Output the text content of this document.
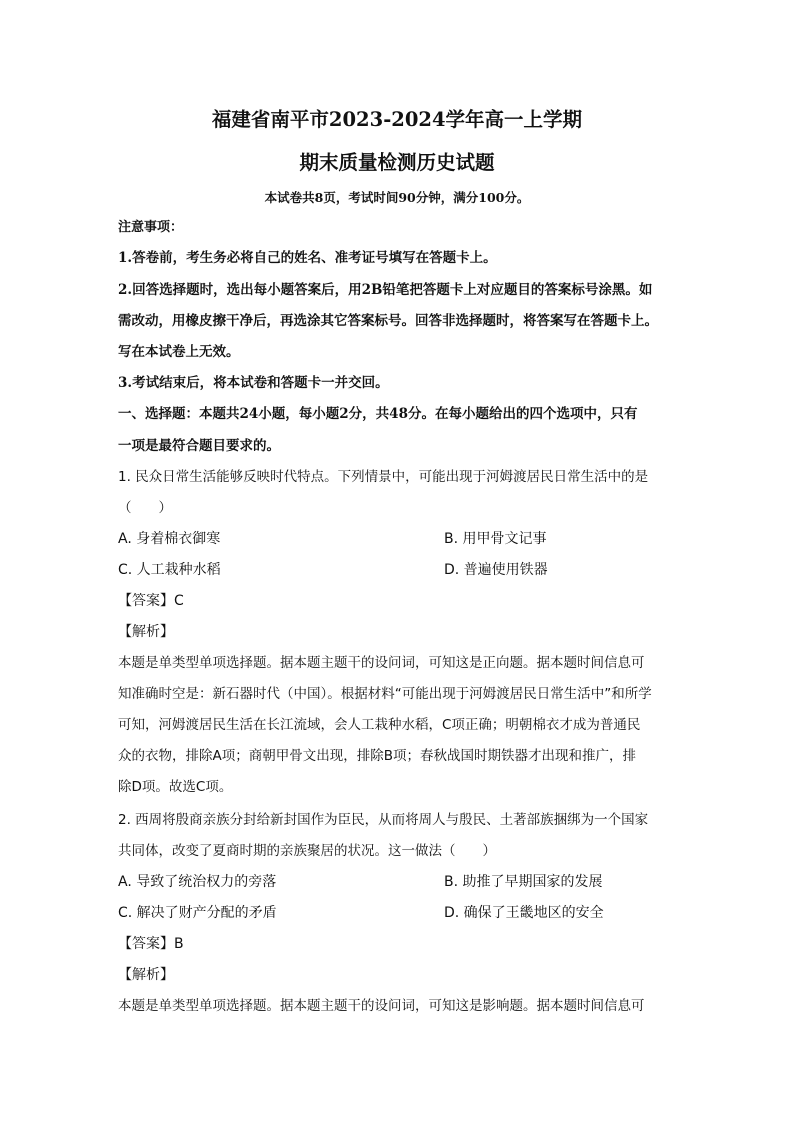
福建省南平市2023-2024学年高一上学期
期末质量检测历史试题
本试卷共8页，考试时间90分钟，满分100分。
注意事项：
1.答卷前，考生务必将自己的姓名、准考证号填写在答题卡上。
2.回答选择题时，选出每小题答案后，用2B铅笔把答题卡上对应题目的答案标号涂黑。如
需改动，用橡皮擦干净后，再选涂其它答案标号。回答非选择题时，将答案写在答题卡上。
写在本试卷上无效。
3.考试结束后，将本试卷和答题卡一并交回。
一、选择题：本题共24小题，每小题2分，共48分。在每小题给出的四个选项中，只有
一项是最符合题目要求的。
1. 民众日常生活能够反映时代特点。下列情景中，可能出现于河姆渡居民日常生活中的是
（　　）
A. 身着棉衣御寒	B. 用甲骨文记事
C. 人工栽种水稻	D. 普遍使用铁器
【答案】C
【解析】
本题是单类型单项选择题。据本题主题干的设问词，可知这是正向题。据本题时间信息可
知准确时空是：新石器时代（中国）。根据材料“可能出现于河姆渡居民日常生活中”和所学
可知，河姆渡居民生活在长江流域，会人工栽种水稻，C项正确；明朝棉衣才成为普通民
众的衣物，排除A项；商朝甲骨文出现，排除B项；春秋战国时期铁器才出现和推广，排
除D项。故选C项。
2. 西周将殷商亲族分封给新封国作为臣民，从而将周人与殷民、土著部族捆绑为一个国家
共同体，改变了夏商时期的亲族聚居的状况。这一做法（　　）
A. 导致了统治权力的旁落	B. 助推了早期国家的发展
C. 解决了财产分配的矛盾	D. 确保了王畿地区的安全
【答案】B
【解析】
本题是单类型单项选择题。据本题主题干的设问词，可知这是影响题。据本题时间信息可
